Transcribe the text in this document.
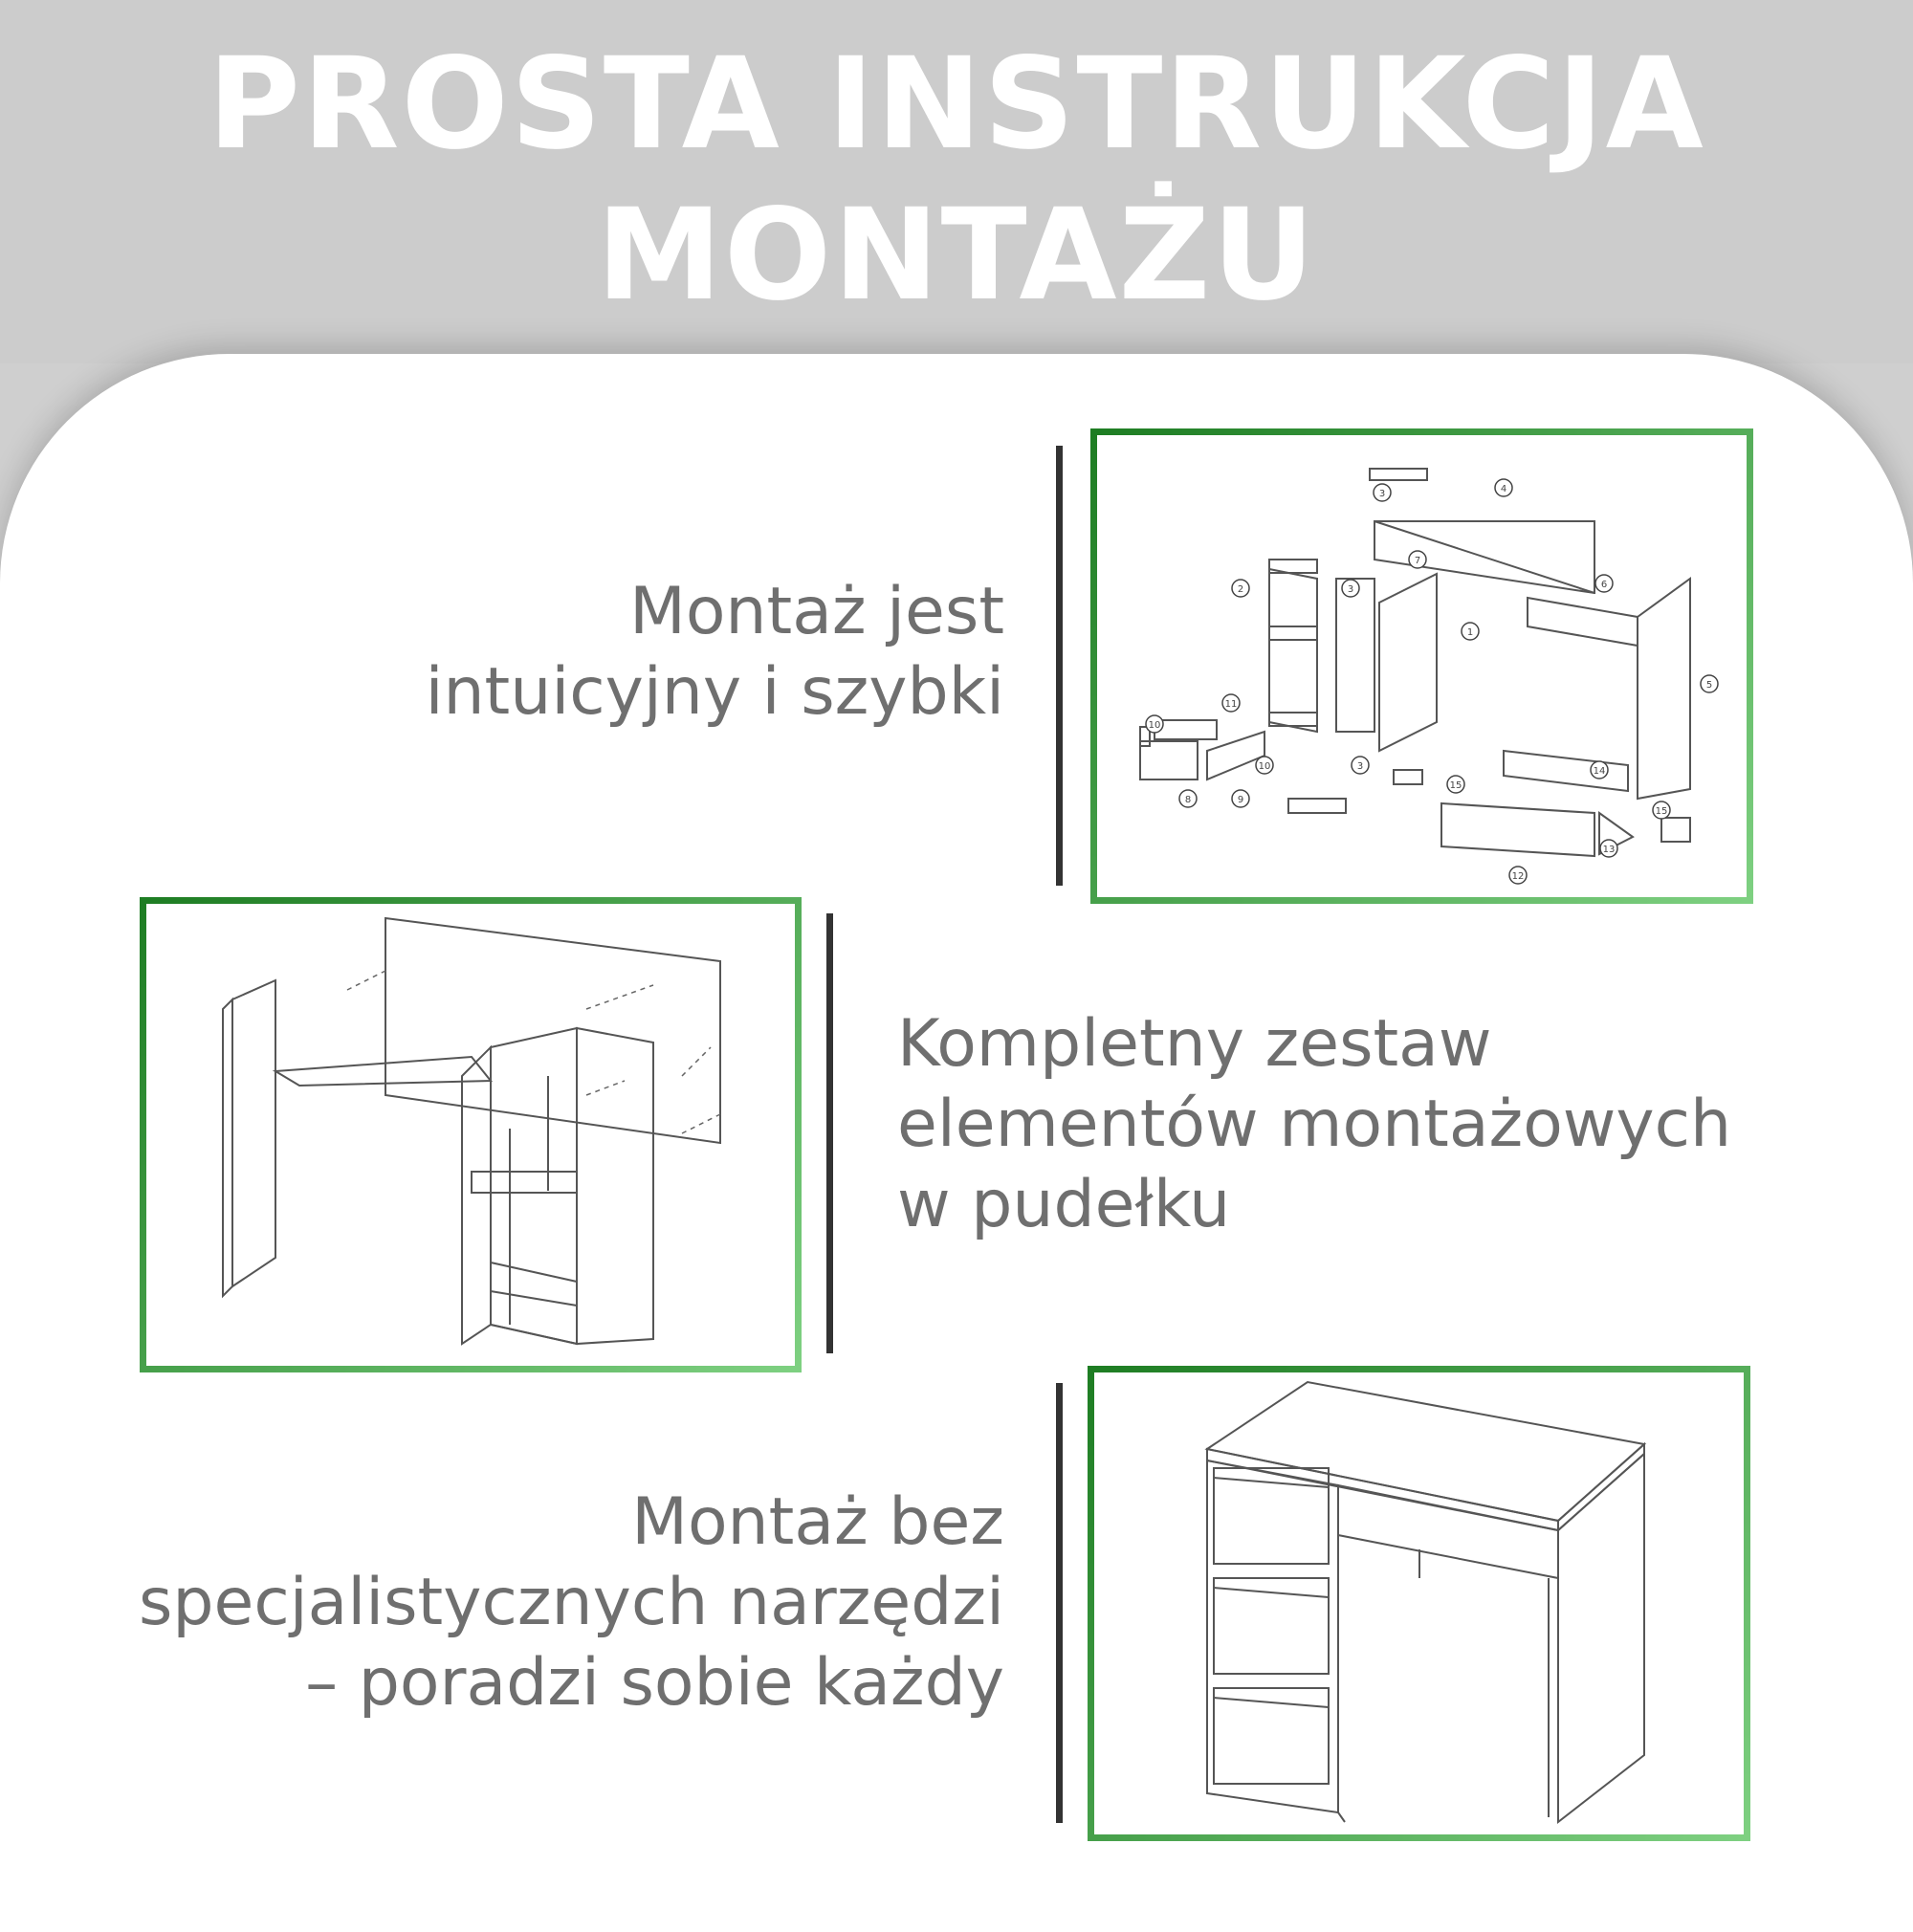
PROSTA INSTRUKCJA
MONTAŻU
Montaż jest
intuicyjny i szybki
3	4
7
2	3
1
6
5
11
10
10
8	9
3
15
14
15
13
12
Kompletny zestaw
elementów montażowych
w pudełku
Montaż bez
specjalistycznych narzędzi
– poradzi sobie każdy
